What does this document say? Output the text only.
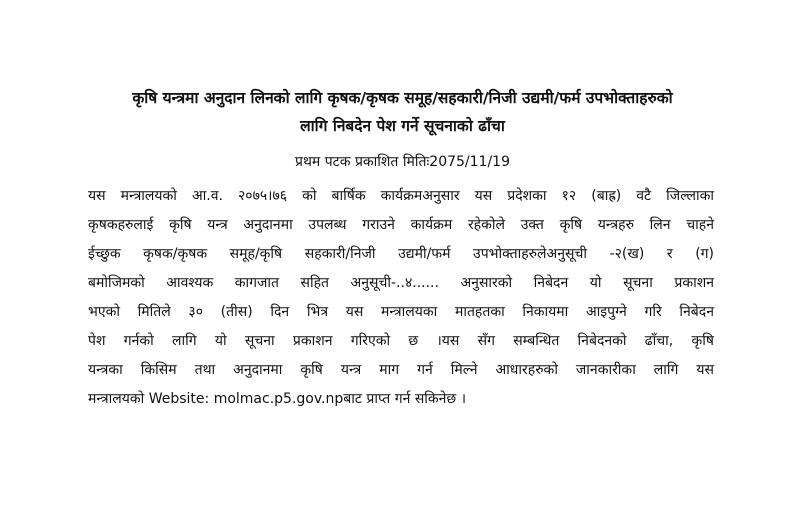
कृषि यन्त्रमा अनुदान लिनको लागि कृषक/कृषक समूह/सहकारी/निजी उद्यमी/फर्म उपभोक्ताहरुको
लागि निबदेन पेश गर्ने सूचनाको ढाँचा
प्रथम पटक प्रकाशित मितिः2075/11/19
यस मन्त्रालयको आ.व. २०७५।७६ को बार्षिक कार्यक्रमअनुसार यस प्रदेशका १२ (बाह्र) वटै जिल्लाका
कृषकहरुलाई कृषि यन्त्र अनुदानमा उपलब्ध गराउने कार्यक्रम रहेकोले उक्त कृषि यन्त्रहरु लिन चाहने
ईच्छुक कृषक/कृषक समूह/कृषि सहकारी/निजी उद्यमी/फर्म उपभोक्ताहरुलेअनुसूची -२(ख) र (ग)
बमोजिमको आवश्यक कागजात सहित अनुसूची-..४...... अनुसारको निबेदन यो सूचना प्रकाशन
भएको मितिले ३० (तीस) दिन भित्र यस मन्त्रालयका मातहतका निकायमा आइपुग्ने गरि निबेदन
पेश गर्नको लागि यो सूचना प्रकाशन गरिएको छ ।यस सँग सम्बन्धित निबेदनको ढाँचा, कृषि
यन्त्रका किसिम तथा अनुदानमा कृषि यन्त्र माग गर्न मिल्ने आधारहरुको जानकारीका लागि यस
मन्त्रालयको Website: molmac.p5.gov.npबाट प्राप्त गर्न सकिनेछ ।
